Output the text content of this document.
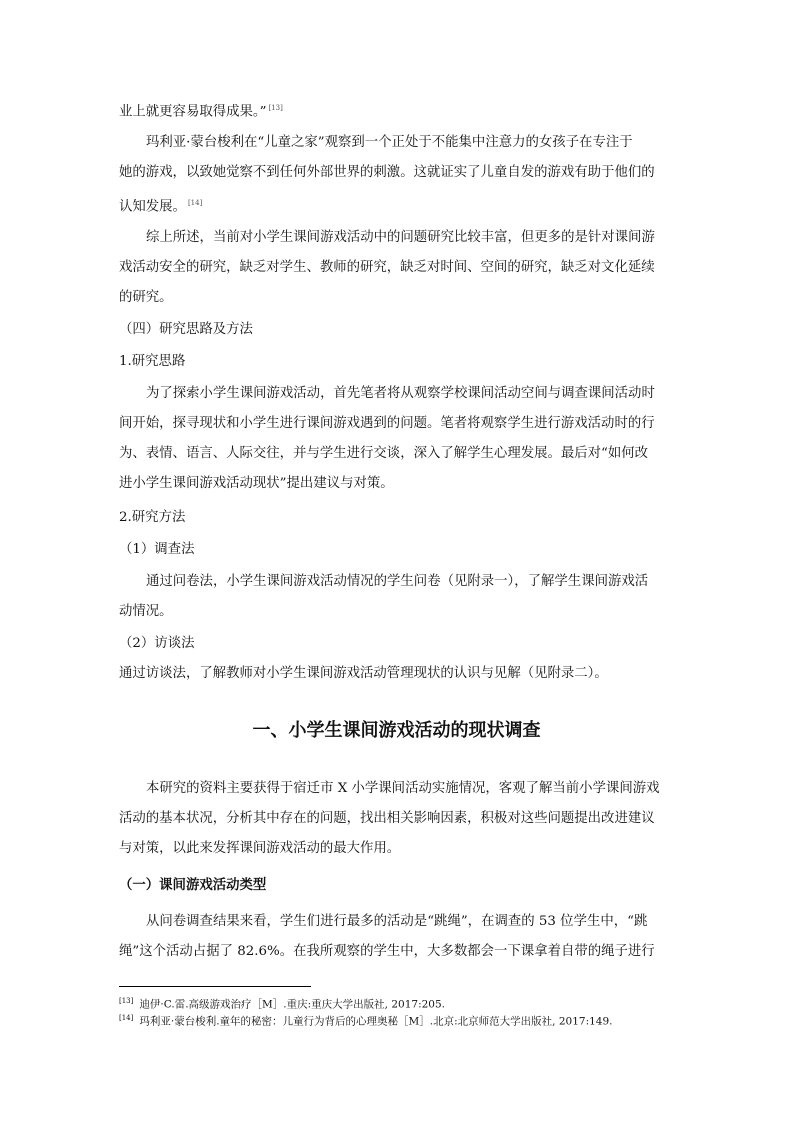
业上就更容易取得成果。” [13]
玛利亚·蒙台梭利在“儿童之家”观察到一个正处于不能集中注意力的女孩子在专注于
她的游戏，以致她觉察不到任何外部世界的刺激。这就证实了儿童自发的游戏有助于他们的
认知发展。 [14]
综上所述，当前对小学生课间游戏活动中的问题研究比较丰富，但更多的是针对课间游
戏活动安全的研究，缺乏对学生、教师的研究，缺乏对时间、空间的研究，缺乏对文化延续
的研究。
（四）研究思路及方法
1.研究思路
为了探索小学生课间游戏活动，首先笔者将从观察学校课间活动空间与调查课间活动时
间开始，探寻现状和小学生进行课间游戏遇到的问题。笔者将观察学生进行游戏活动时的行
为、表情、语言、人际交往，并与学生进行交谈，深入了解学生心理发展。最后对“如何改
进小学生课间游戏活动现状”提出建议与对策。
2.研究方法
（1）调查法
通过问卷法，小学生课间游戏活动情况的学生问卷（见附录一），了解学生课间游戏活
动情况。
（2）访谈法
通过访谈法，了解教师对小学生课间游戏活动管理现状的认识与见解（见附录二）。
一、小学生课间游戏活动的现状调查
本研究的资料主要获得于宿迁市 X 小学课间活动实施情况，客观了解当前小学课间游戏
活动的基本状况，分析其中存在的问题，找出相关影响因素，积极对这些问题提出改进建议
与对策，以此来发挥课间游戏活动的最大作用。
（一）课间游戏活动类型
从问卷调查结果来看，学生们进行最多的活动是“跳绳”，在调查的 53 位学生中，“跳
绳”这个活动占据了 82.6%。在我所观察的学生中，大多数都会一下课拿着自带的绳子进行
[13] 迪伊·C.雷.高级游戏治疗［M］.重庆:重庆大学出版社, 2017:205.
[14] 玛利亚·蒙台梭利.童年的秘密：儿童行为背后的心理奥秘［M］.北京:北京师范大学出版社, 2017:149.
